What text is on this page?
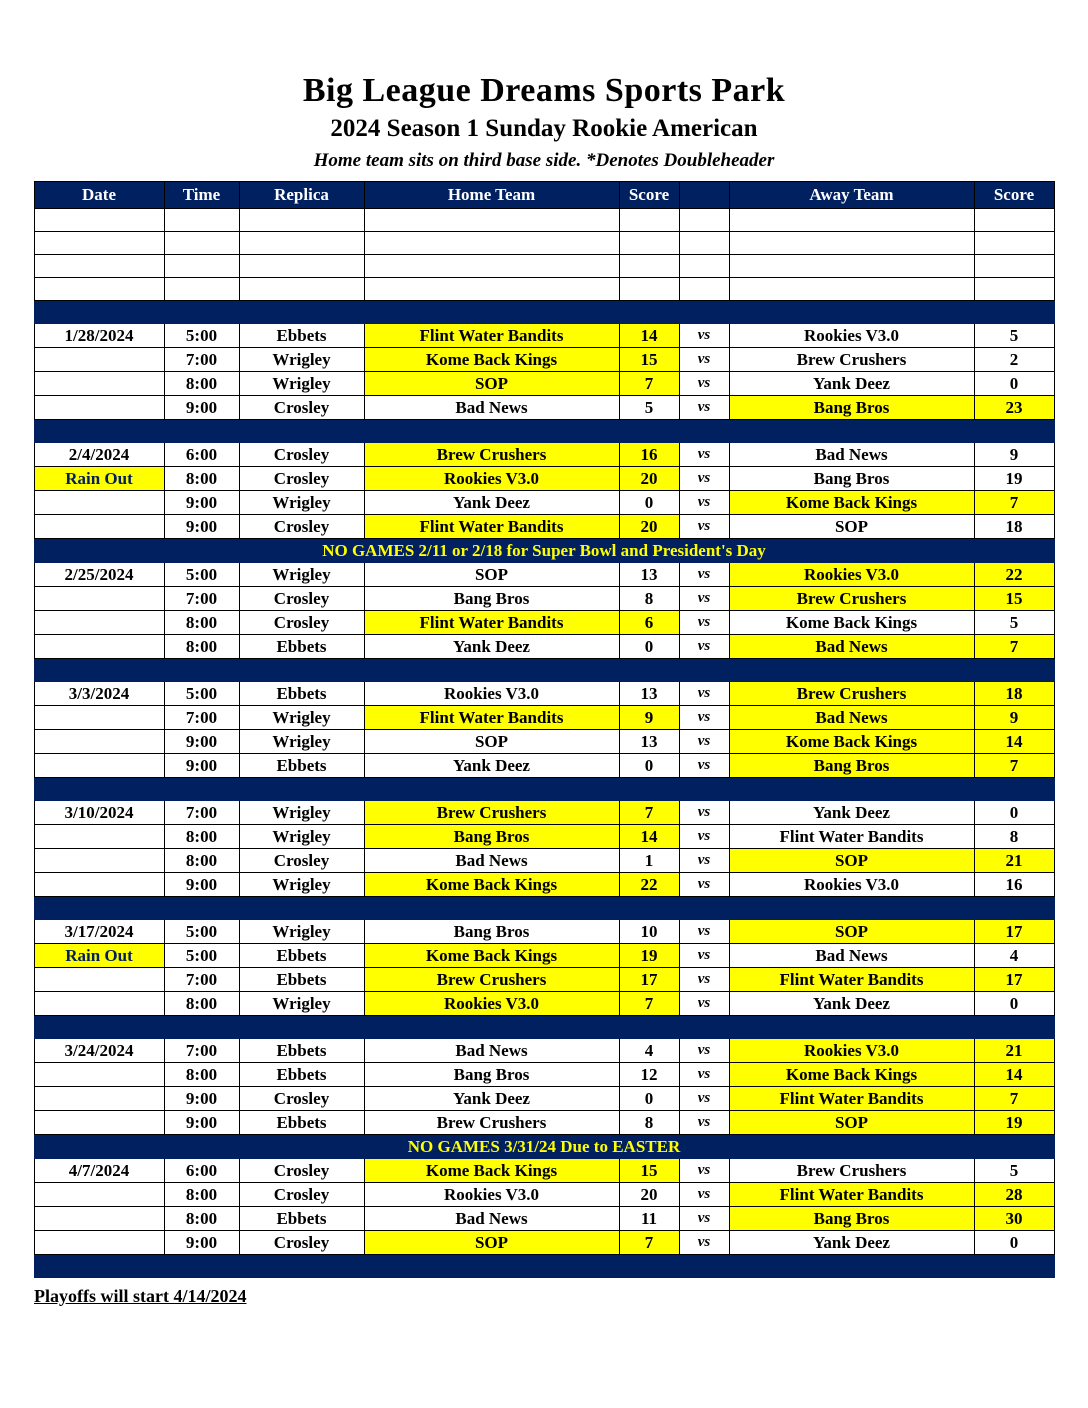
Big League Dreams Sports Park
2024 Season 1 Sunday Rookie American
Home team sits on third base side. *Denotes Doubleheader
Date	Time	Replica	Home Team	Score		Away Team	Score

1/28/2024	5:00	Ebbets	Flint Water Bandits	14	vs	Rookies V3.0	5
	7:00	Wrigley	Kome Back Kings	15	vs	Brew Crushers	2
	8:00	Wrigley	SOP	7	vs	Yank Deez	0
	9:00	Crosley	Bad News	5	vs	Bang Bros	23

2/4/2024	6:00	Crosley	Brew Crushers	16	vs	Bad News	9
Rain Out	8:00	Crosley	Rookies V3.0	20	vs	Bang Bros	19
	9:00	Wrigley	Yank Deez	0	vs	Kome Back Kings	7
	9:00	Crosley	Flint Water Bandits	20	vs	SOP	18
NO GAMES 2/11 or 2/18 for Super Bowl and President's Day							
2/25/2024	5:00	Wrigley	SOP	13	vs	Rookies V3.0	22
	7:00	Crosley	Bang Bros	8	vs	Brew Crushers	15
	8:00	Crosley	Flint Water Bandits	6	vs	Kome Back Kings	5
	8:00	Ebbets	Yank Deez	0	vs	Bad News	7

3/3/2024	5:00	Ebbets	Rookies V3.0	13	vs	Brew Crushers	18
	7:00	Wrigley	Flint Water Bandits	9	vs	Bad News	9
	9:00	Wrigley	SOP	13	vs	Kome Back Kings	14
	9:00	Ebbets	Yank Deez	0	vs	Bang Bros	7

3/10/2024	7:00	Wrigley	Brew Crushers	7	vs	Yank Deez	0
	8:00	Wrigley	Bang Bros	14	vs	Flint Water Bandits	8
	8:00	Crosley	Bad News	1	vs	SOP	21
	9:00	Wrigley	Kome Back Kings	22	vs	Rookies V3.0	16

3/17/2024	5:00	Wrigley	Bang Bros	10	vs	SOP	17
Rain Out	5:00	Ebbets	Kome Back Kings	19	vs	Bad News	4
	7:00	Ebbets	Brew Crushers	17	vs	Flint Water Bandits	17
	8:00	Wrigley	Rookies V3.0	7	vs	Yank Deez	0

3/24/2024	7:00	Ebbets	Bad News	4	vs	Rookies V3.0	21
	8:00	Ebbets	Bang Bros	12	vs	Kome Back Kings	14
	9:00	Crosley	Yank Deez	0	vs	Flint Water Bandits	7
	9:00	Ebbets	Brew Crushers	8	vs	SOP	19
NO GAMES 3/31/24 Due to EASTER							
4/7/2024	6:00	Crosley	Kome Back Kings	15	vs	Brew Crushers	5
	8:00	Crosley	Rookies V3.0	20	vs	Flint Water Bandits	28
	8:00	Ebbets	Bad News	11	vs	Bang Bros	30
	9:00	Crosley	SOP	7	vs	Yank Deez	0

Playoffs will start 4/14/2024
